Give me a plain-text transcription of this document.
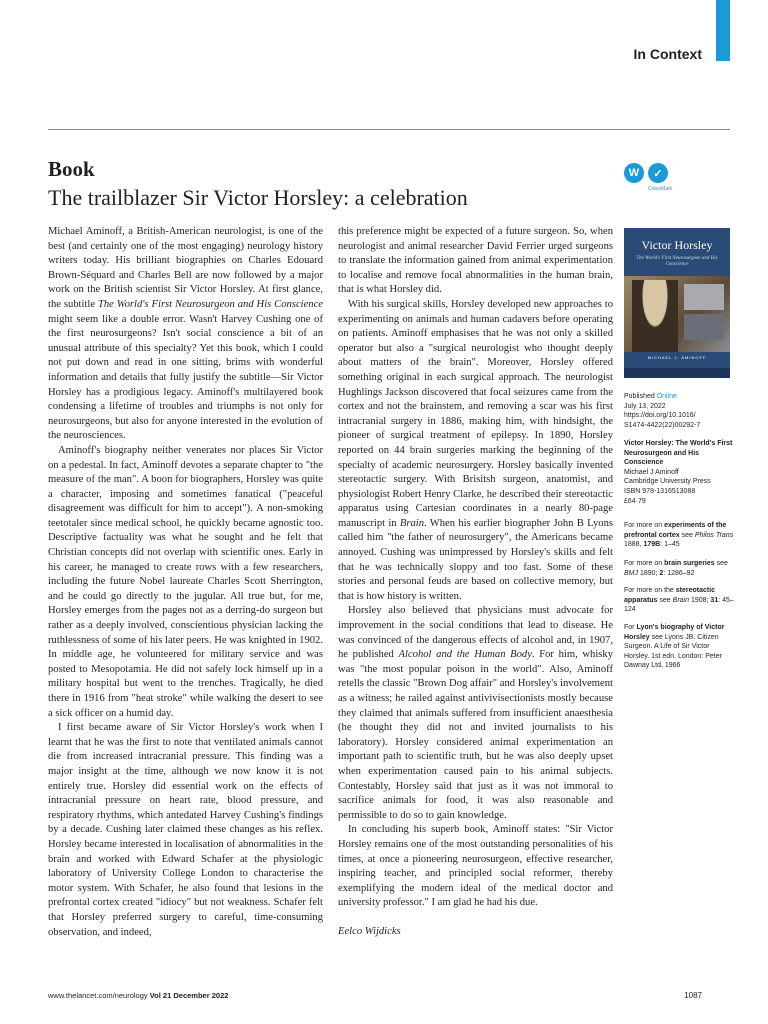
In Context
Book
The trailblazer Sir Victor Horsley: a celebration
W	✓
CrossMark

Michael Aminoff, a British-American neurologist, is one of the best (and certainly one of the most engaging) neurology history writers today. His brilliant biographies on Charles Edouard Brown-Séquard and Charles Bell are now followed by a major work on the British scientist Sir Victor Horsley. At first glance, the subtitle The World's First Neurosurgeon and His Conscience might seem like a double error. Wasn't Harvey Cushing one of the first neurosurgeons? Isn't social conscience a bit of an unusual attribute of this specialty? Yet this book, which I could not put down and read in one sitting, brims with wonderful information and details that fully justify the subtitle—Sir Victor Horsley has a prodigious legacy. Aminoff's multilayered book condensing a lifetime of troubles and triumphs is not only for neurosurgeons, but also for anyone interested in the evolution of the neurosciences.

Aminoff's biography neither venerates nor places Sir Victor on a pedestal. In fact, Aminoff devotes a separate chapter to "the measure of the man". A boon for biographers, Horsley was quite a character, imposing and sometimes fanatical ("peaceful disagreement was difficult for him to accept"). A non-smoking teetotaler since medical school, he quickly became agnostic too. Descriptive factuality was what he sought and he felt that Christian concepts did not overlap with scientific ones. Early in his career, he managed to create rows with a few researchers, including the future Nobel laureate Charles Scott Sherrington, and he could go directly to the jugular. All true but, for me, Horsley emerges from the pages not as a derring-do surgeon but rather as a deeply involved, conscientious physician lacking the ruthlessness of some of his later peers. He was knighted in 1902. In middle age, he volunteered for military service and was posted to Mesopotamia. He did not safely lock himself up in a military hospital but went to the trenches. Tragically, he died there in 1916 from "heat stroke" while walking the desert to see a sick officer on a humid day.

I first became aware of Sir Victor Horsley's work when I learnt that he was the first to note that ventilated animals cannot die from increased intracranial pressure. This finding was a major insight at the time, although we now know it is not entirely true. Horsley did essential work on the effects of intracranial pressure on heart rate, blood pressure, and respiratory rhythms, which antedated Harvey Cushing's findings by a decade. Cushing later claimed these changes as his reflex. Horsley became interested in localisation of abnormalities in the brain and worked with Edward Schafer at the physiologic laboratory of University College London to characterise the motor system. With Schafer, he also found that lesions in the prefrontal cortex created "idiocy" but not weakness. Schafer felt that Horsley preferred surgery to careful, time-consuming observation, and indeed,

this preference might be expected of a future surgeon. So, when neurologist and animal researcher David Ferrier urged surgeons to translate the information gained from animal experimentation to localise and remove focal abnormalities in the human brain, that is what Horsley did.

With his surgical skills, Horsley developed new approaches to experimenting on animals and human cadavers before operating on patients. Aminoff emphasises that he was not only a skilled operator but also a "surgical neurologist who thought deeply about matters of the brain". Moreover, Horsley offered something original in each surgical approach. The neurologist Hughlings Jackson discovered that focal seizures came from the cortex and not the brainstem, and removing a scar was his first intracranial surgery in 1886, making him, with hindsight, the pioneer of surgical treatment of epilepsy. In 1890, Horsley reported on 44 brain surgeries marking the beginning of the specialty of academic neurosurgery. Horsley basically invented stereotactic surgery. With Brisitsh surgeon, anatomist, and physiologist Robert Henry Clarke, he described their stereotactic apparatus using Cartesian coordinates in a nearly 80-page manuscript in Brain. When his earlier biographer John B Lyons called him "the father of neurosurgery", the Americans became annoyed. Cushing was unimpressed by Horsley's skills and felt that he was technically sloppy and too fast. Some of these stories and personal feuds are based on collective memory, but that is how history is written.

Horsley also believed that physicians must advocate for improvement in the social conditions that lead to disease. He was convinced of the dangerous effects of alcohol and, in 1907, he published Alcohol and the Human Body. For him, whisky was "the most popular poison in the world". Also, Aminoff retells the classic "Brown Dog affair" and Horsley's involvement as a witness; he railed against antivivisectionists mostly because they claimed that animals suffered from insufficient anaesthesia (he thought they did not and invited journalists to his laboratory). Horsley considered animal experimentation an important path to scientific truth, but he was also deeply upset when experimentation caused pain to his animal subjects. Contestably, Horsley said that just as it was not immoral to sacrifice animals for food, it was also reasonable and permissible to do so to gain knowledge.

In concluding his superb book, Aminoff states: "Sir Victor Horsley remains one of the most outstanding personalities of his times, at once a pioneering neurosurgeon, effective researcher, inspiring teacher, and principled social reformer, thereby exemplifying the modern ideal of the medical doctor and university professor." I am glad he had his due.

Eelco Wijdicks

Victor Horsley
The World's First Neurosurgeon and His Conscience
MICHAEL J. AMINOFF
Published Online
July 13, 2022
https://doi.org/10.1016/
S1474-4422(22)00292-7
Victor Horsley: The World's First Neurosurgeon and His Conscience
Michael J Aminoff
Cambridge University Press
ISBN 978-1316513088
£64·79
For more on experiments of the prefrontal cortex see Philos Trans 1888, 179B: 1–45
For more on brain surgeries see BMJ 1890; 2: 1286–92
For more on the stereotactic apparatus see Brain 1908; 31: 45–124
For Lyon's biography of Victor Horsley see Lyons JB. Citizen Surgeon. A Life of Sir Victor Horsley. 1st edn. London: Peter Dawnay Ltd, 1966
www.thelancet.com/neurology Vol 21 December 2022	1087
